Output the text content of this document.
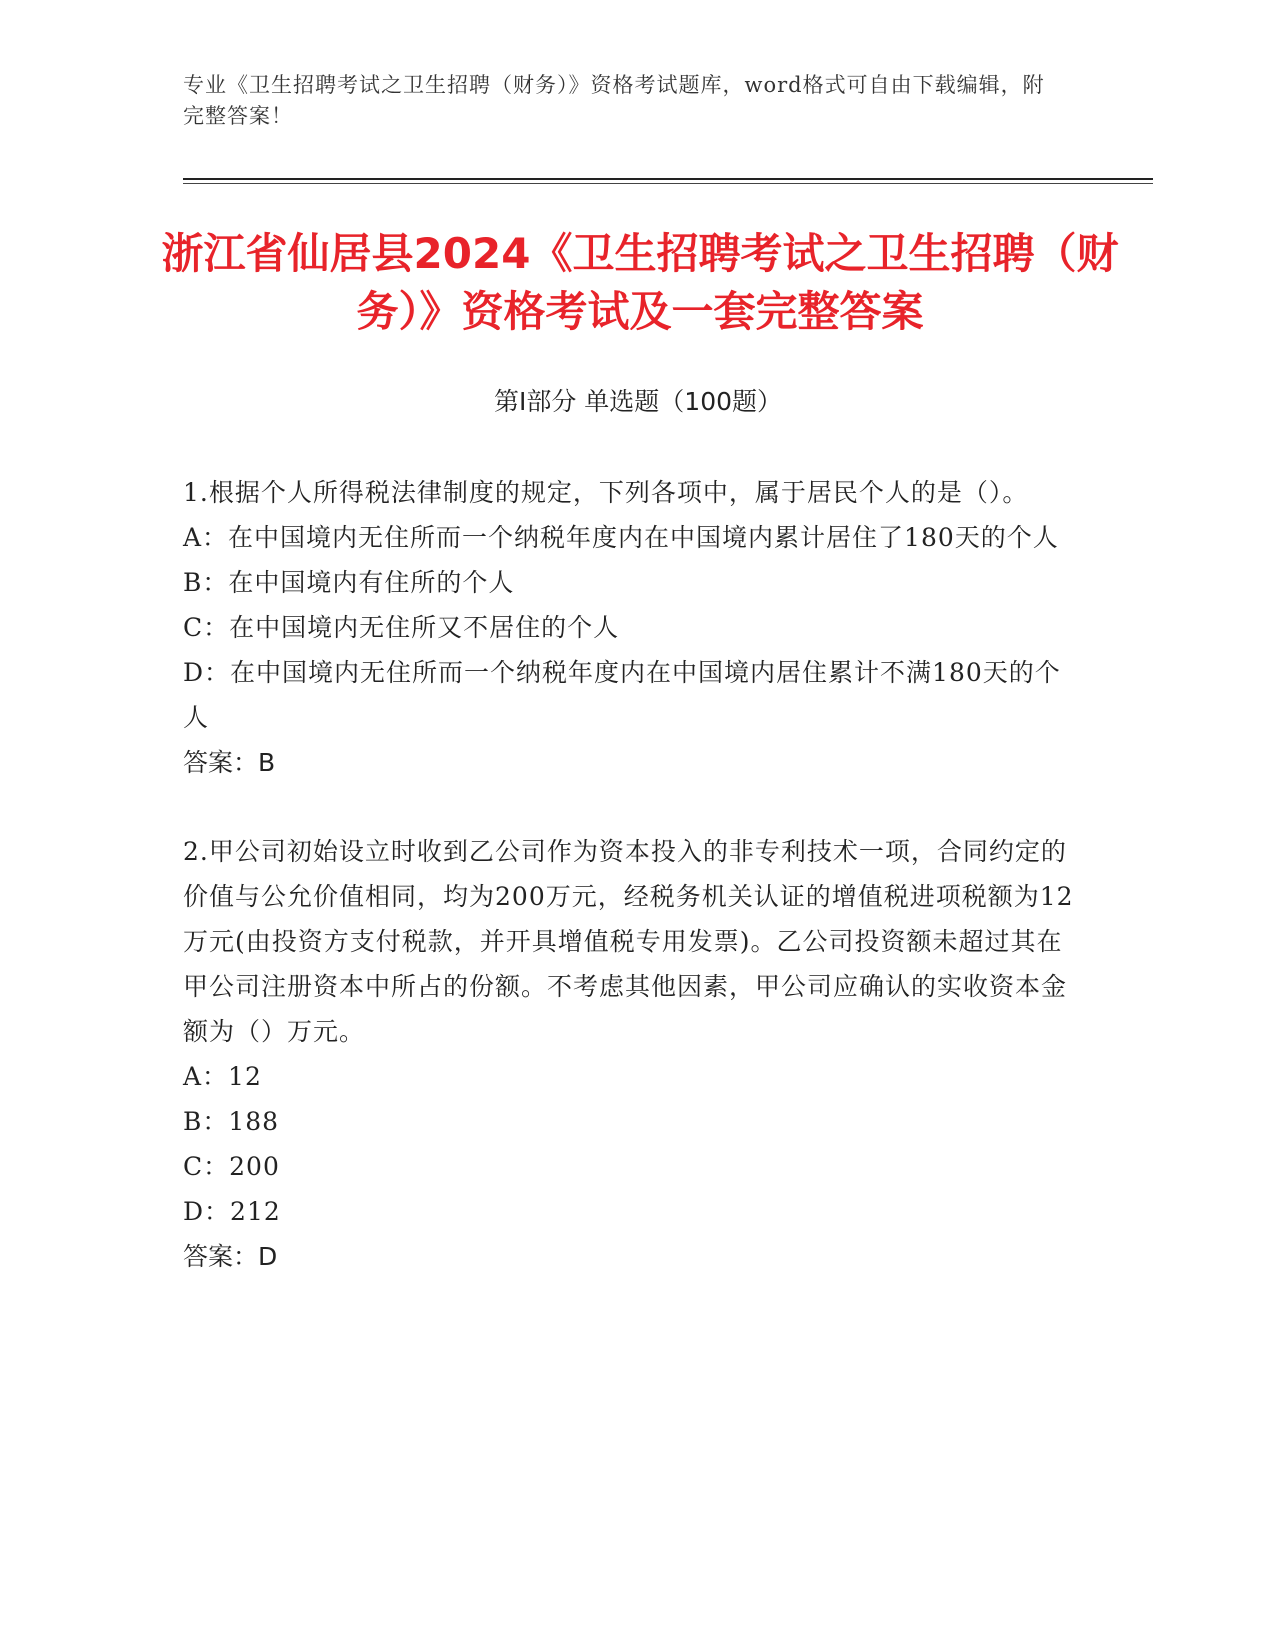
专业《卫生招聘考试之卫生招聘（财务）》资格考试题库，word格式可自由下载编辑，附完整答案！
浙江省仙居县2024《卫生招聘考试之卫生招聘（财务）》资格考试及一套完整答案
第Ⅰ部分 单选题（100题）
1.根据个人所得税法律制度的规定，下列各项中，属于居民个人的是（）。
A：在中国境内无住所而一个纳税年度内在中国境内累计居住了180天的个人
B：在中国境内有住所的个人
C：在中国境内无住所又不居住的个人
D：在中国境内无住所而一个纳税年度内在中国境内居住累计不满180天的个人
答案：B
2.甲公司初始设立时收到乙公司作为资本投入的非专利技术一项，合同约定的价值与公允价值相同，均为200万元，经税务机关认证的增值税进项税额为12万元(由投资方支付税款，并开具增值税专用发票)。乙公司投资额未超过其在甲公司注册资本中所占的份额。不考虑其他因素，甲公司应确认的实收资本金额为（）万元。
A：12
B：188
C：200
D：212
答案：D
